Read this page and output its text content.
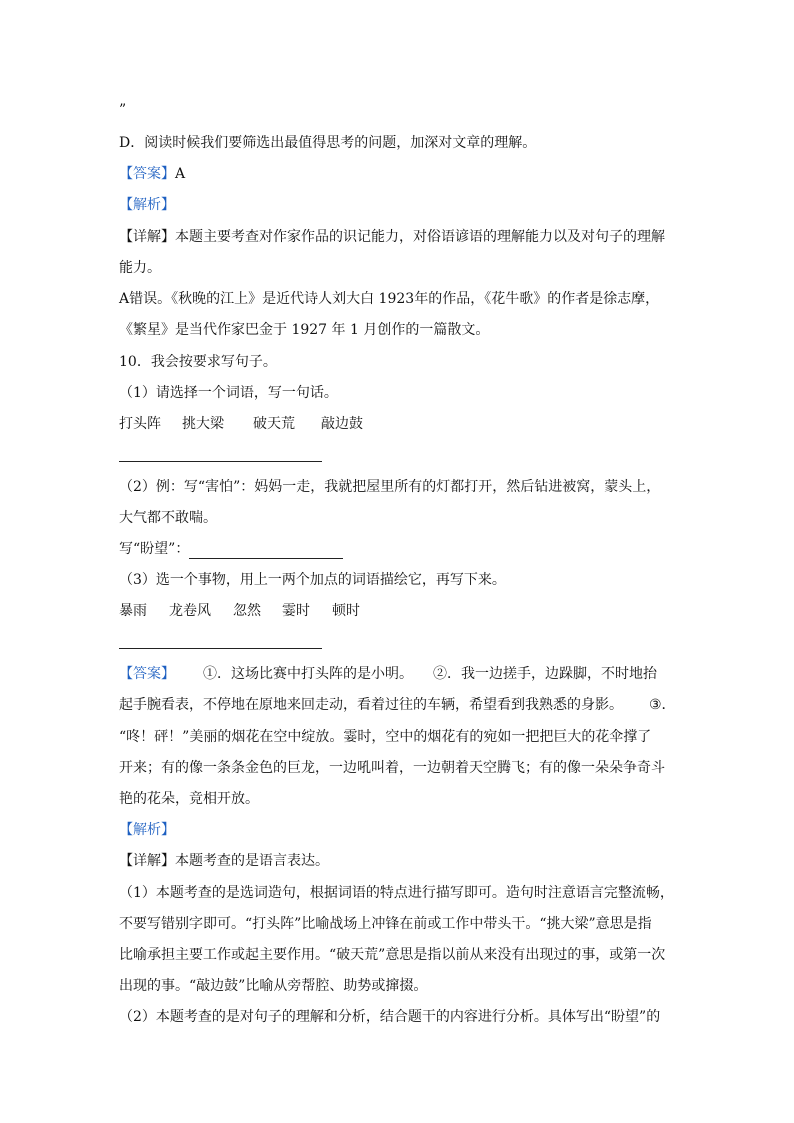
”
D．阅读时候我们要筛选出最值得思考的问题，加深对文章的理解。
【答案】A
【解析】
【详解】本题主要考查对作家作品的识记能力，对俗语谚语的理解能力以及对句子的理解
能力。
A错误。《秋晚的江上》是近代诗人刘大白 1923年的作品，《花牛歌》的作者是徐志摩，
《繁星》是当代作家巴金于 1927 年 1 月创作的一篇散文。
10．我会按要求写句子。
（1）请选择一个词语，写一句话。
打头阵 挑大梁 破天荒 敲边鼓
（2）例：写“害怕”：妈妈一走，我就把屋里所有的灯都打开，然后钻进被窝，蒙头上，
大气都不敢喘。
写“盼望”：
（3）选一个事物，用上一两个加点的词语描绘它，再写下来。
暴雨 龙卷风 忽然 霎时 顿时
【答案】 ①．这场比赛中打头阵的是小明。 ②．我一边搓手，边跺脚，不时地抬
起手腕看表，不停地在原地来回走动，看着过往的车辆，希望看到我熟悉的身影。 ③．
“咚！砰！”美丽的烟花在空中绽放。霎时，空中的烟花有的宛如一把把巨大的花伞撑了
开来；有的像一条条金色的巨龙，一边吼叫着，一边朝着天空腾飞；有的像一朵朵争奇斗
艳的花朵，竞相开放。
【解析】
【详解】本题考查的是语言表达。
（1）本题考查的是选词造句，根据词语的特点进行描写即可。造句时注意语言完整流畅，
不要写错别字即可。“打头阵”比喻战场上冲锋在前或工作中带头干。“挑大梁”意思是指
比喻承担主要工作或起主要作用。“破天荒”意思是指以前从来没有出现过的事，或第一次
出现的事。“敲边鼓”比喻从旁帮腔、助势或撺掇。
（2）本题考查的是对句子的理解和分析，结合题干的内容进行分析。具体写出“盼望”的
